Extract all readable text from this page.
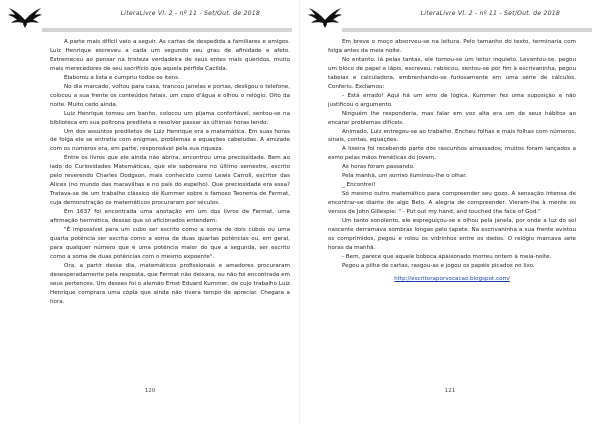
LiteraLivre Vl. 2 - nº 11 - Set/Out. de 2018

A parte mais difícil veio a seguir. As cartas de despedida a familiares e amigos. Luiz Henrique escreveu a cada um segundo seu grau de afinidade e afeto. Estremeceu ao pensar na tristeza verdadeira de seus entes mais queridos, muito mais merecedores de seu sacrifício que aquela pérfida Cacilda.

Elaborou a lista e cumpriu todos os itens.

No dia marcado, voltou para casa, trancou janelas e portas, desligou o telefone, colocou a sua frente os conteúdos fatais, um copo d'água e olhou o relógio. Oito da noite. Muito cedo ainda.

Luiz Henrique tomou um banho, colocou um pijama confortável, sentou-se na biblioteca em sua poltrona predileta e resolver passar as últimas horas lendo.

Um dos assuntos prediletos de Luiz Henrique era a matemática. Em suas horas de folga ele se entretia com enigmas, problemas e equações cabeludas. A amizade com os números era, em parte, responsável pela sua riqueza.

Entre os livros que ele ainda não abrira, encontrou uma preciosidade. Bem ao lado do Curiosidades Matemáticas, que ele saboreara no último semestre, escrito pelo reverendo Charles Dodgson, mais conhecido como Lewis Carroll, escritor das Alices (no mundo das maravilhas e no país do espelho). Que preciosidade era essa? Tratava-se de um trabalho clássico de Kummer sobre o famoso Teorema de Fermat, cuja demonstração os matemáticos procuraram por séculos.

Em 1637 foi encontrada uma anotação em um dos livros de Fermat, uma afirmação hermética, dessas que só aficionados entendem:

"É impossível para um cubo ser escrito como a soma de dois cubos ou uma quarta potência ser escrita como a soma de duas quartas potências ou, em geral, para qualquer número que é uma potência maior do que a segunda, ser escrito como a soma de duas potências com o mesmo expoente".

Ora, a partir desse dia, matemáticos profissionais e amadores procuraram desesperadamente pela resposta, que Fermat não deixara, ou não foi encontrada em seus pertences. Um desses foi o alemão Ernst Eduard Kummer, de cujo trabalho Luiz Henrique comprara uma cópia que ainda não tivera tempo de apreciar. Chegara a hora.

120
LiteraLivre Vl. 2 - nº 11 - Set/Out. de 2018

Em breve o moço absorveu-se na leitura. Pelo tamanho do texto, terminaria com folga antes da meia noite.

No entanto, lá pelas tantas, ele tornou-se um leitor inquieto. Levantou-se, pegou um bloco de papel e lápis, escreveu, rabiscou, sentou-se por fim à escrivaninha, pegou tabelas e calculadora, embrenhando-se furiosamente em uma série de cálculos. Conferiu. Exclamou:

- Está errado! Aqui há um erro de lógica. Kummer fez uma suposição e não justificou o argumento.

Ninguém lhe responderia, mas falar em voz alta era um de seus hábitos ao encarar problemas difíceis.

Animado, Luiz entregou-se ao trabalho. Encheu folhas e mais folhas com números, sinais, contas, equações.

A lixeira foi recebendo parte dos rascunhos amassados; muitos foram lançados a esmo pelas mãos frenéticas do jovem.

As horas foram passando.

Pela manhã, um sorriso iluminou-lhe o olhar.

_ Encontrei!

Só mesmo outro matemático para compreender seu gozo. A sensação intensa de encontrar-se diante de algo Belo. A alegria de compreender. Vieram-lhe à mente os versos de John Gillespie: " - Put out my hand, and touched the face of God."

Um tanto sonolento, ele espreguiçou-se e olhou pela janela, por onde a luz do sol nascente derramava sombras longas pelo tapete. Na escrivaninha a sua frente avistou os comprimidos, pegou e rolou os vidrinhos entre os dedos. O relógio marcava sete horas da manhã.

- Bem, parece que aquele boboca apaixonado morreu ontem à meia-noite.

Pegou a pilha de cartas, rasgou-as e jogou os papéis picados no lixo.

http://escritoraporvocacao.blogspot.com/

121
